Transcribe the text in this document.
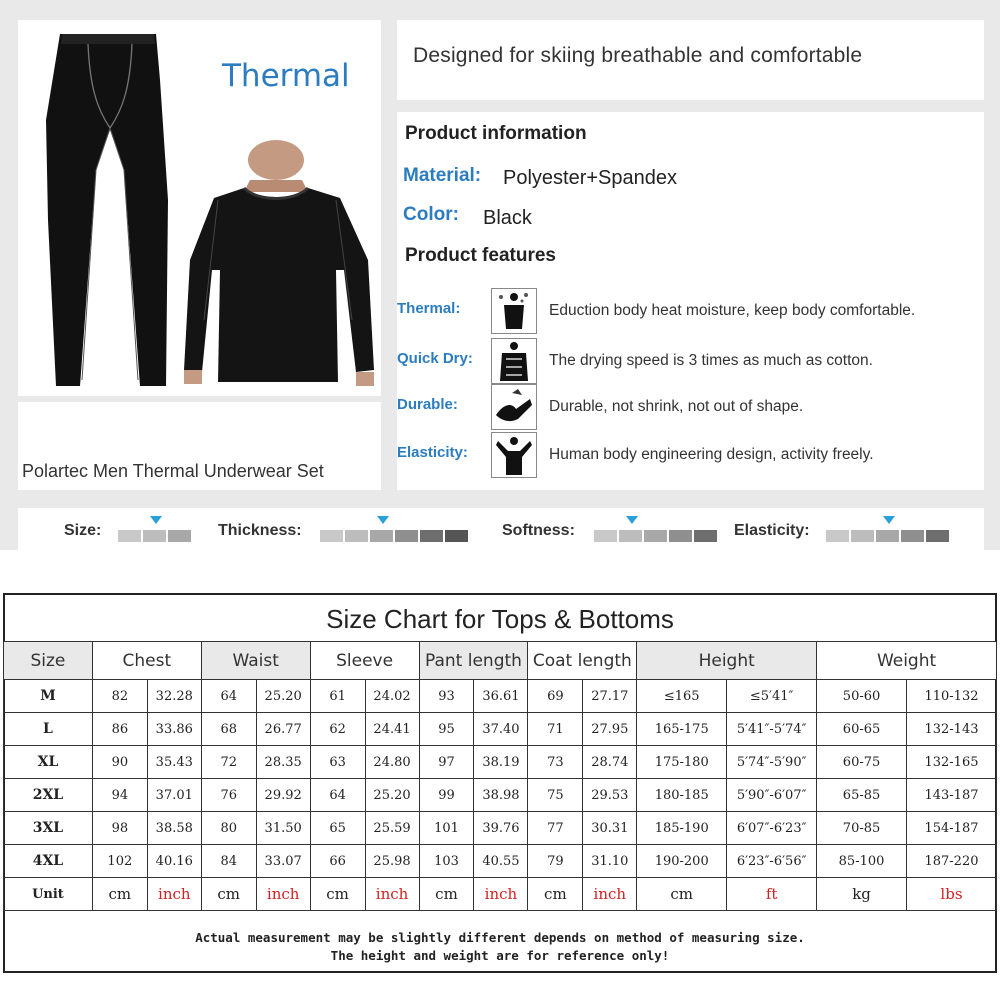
Thermal
Polartec Men Thermal Underwear Set
Designed for skiing breathable and comfortable
Product information
Material: Polyester+Spandex
Color: Black
Product features
Thermal:	Eduction body heat moisture, keep body comfortable.
Quick Dry:	The drying speed is 3 times as much as cotton.
Durable:	Durable, not shrink, not out of shape.
Elasticity:	Human body engineering design, activity freely.
Size:	Thickness:	Softness:	Elasticity:
Size Chart for Tops & Bottoms
Size	Chest		Waist		Sleeve		Pant length		Coat length		Height		Weight	
M	82	32.28	64	25.20	61	24.02	93	36.61	69	27.17	≤165	≤5′41″	50-60	110-132
L	86	33.86	68	26.77	62	24.41	95	37.40	71	27.95	165-175	5′41″-5′74″	60-65	132-143
XL	90	35.43	72	28.35	63	24.80	97	38.19	73	28.74	175-180	5′74″-5′90″	60-75	132-165
2XL	94	37.01	76	29.92	64	25.20	99	38.98	75	29.53	180-185	5′90″-6′07″	65-85	143-187
3XL	98	38.58	80	31.50	65	25.59	101	39.76	77	30.31	185-190	6′07″-6′23″	70-85	154-187
4XL	102	40.16	84	33.07	66	25.98	103	40.55	79	31.10	190-200	6′23″-6′56″	85-100	187-220
Unit	cm	inch	cm	inch	cm	inch	cm	inch	cm	inch	cm	ft	kg	lbs
Actual measurement may be slightly different depends on method of measuring size.
The height and weight are for reference only!
